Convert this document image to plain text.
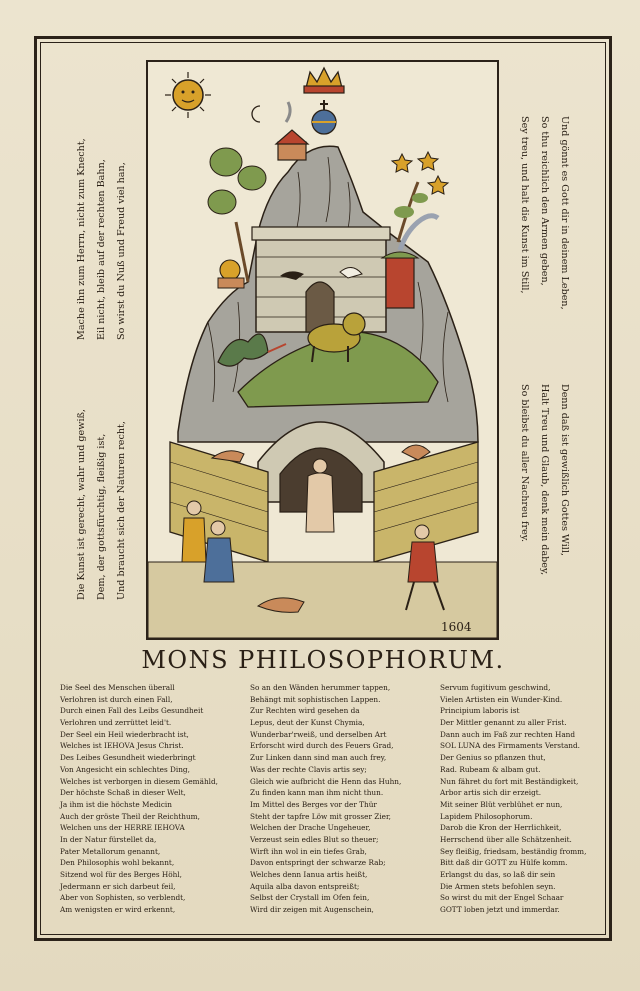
1604
Mache ihn zum Herrn, nicht zum Knecht, Eil nicht, bleib auf der rechten Bahn, So wirst du Nuß und Freud viel han,
Die Kunst ist gerecht, wahr und gewiß, Dem, der gottsfürchtig, fleißig ist, Und braucht sich der Naturen recht,
Und gönnt es Gott dir in deinem Leben,
So thu reichlich den Armen geben,
Sey treu, und halt die Kunst im Still,
Denn daß ist gewißlich Gottes Will,
Halt Treu und Glaub, denk mein dabey,
So bleibst du aller Nachreu frey.
MONS PHILOSOPHORUM.
Die Seel des Menschen überall
Verlohren ist durch einen Fall,
Durch einen Fall des Leibs Gesundheit
Verlohren und zerrüttet leid't.
Der Seel ein Heil wiederbracht ist,
Welches ist IEHOVA Jesus Christ.
Des Leibes Gesundheit wiederbringt
Von Angesicht ein schlechtes Ding,
Welches ist verborgen in diesem Gemähld,
Der höchste Schaß in dieser Welt,
Ja ihm ist die höchste Medicin
Auch der gröste Theil der Reichthum,
Welchen uns der HERRE IEHOVA
In der Natur fürstellet da,
Pater Metallorum genannt,
Den Philosophis wohl bekannt,
Sitzend wol für des Berges Höhl,
Jedermann er sich darbeut feil,
Aber von Sophisten, so verblendt,
Am wenigsten er wird erkennt,
So an den Wänden herummer tappen,
Behängt mit sophistischen Lappen.
Zur Rechten wird gesehen da
Lepus, deut der Kunst Chymia,
Wunderbar'rweiß, und derselben Art
Erforscht wird durch des Feuers Grad,
Zur Linken dann sind man auch frey,
Was der rechte Clavis artis sey;
Gleich wie aufbricht die Henn das Huhn,
Zu finden kann man ihm nicht thun.
Im Mittel des Berges vor der Thür
Steht der tapfre Löw mit grosser Zier,
Welchen der Drache Ungeheuer,
Verzeust sein edles Blut so theuer;
Wirft ihn wol in ein tiefes Grab,
Davon entspringt der schwarze Rab;
Welches denn Ianua artis heißt,
Aquila alba davon entspreißt;
Selbst der Crystall im Ofen fein,
Wird dir zeigen mit Augenschein,
Servum fugitivum geschwind,
Vielen Artisten ein Wunder-Kind.
Principium laboris ist
Der Mittler genannt zu aller Frist.
Dann auch im Faß zur rechten Hand
SOL LUNA des Firmaments Verstand.
Der Genius so pflanzen thut,
Rad. Rubeam & albam gut.
Nun fähret du fort mit Beständigkeit,
Arbor artis sich dir erzeigt.
Mit seiner Blüt verblühet er nun,
Lapidem Philosophorum.
Darob die Kron der Herrlichkeit,
Herrschend über alle Schätzenheit.
Sey fleißig, friedsam, beständig fromm,
Bitt daß dir GOTT zu Hülfe komm.
Erlangst du das, so laß dir sein
Die Armen stets befohlen seyn.
So wirst du mit der Engel Schaar
GOTT loben jetzt und immerdar.
